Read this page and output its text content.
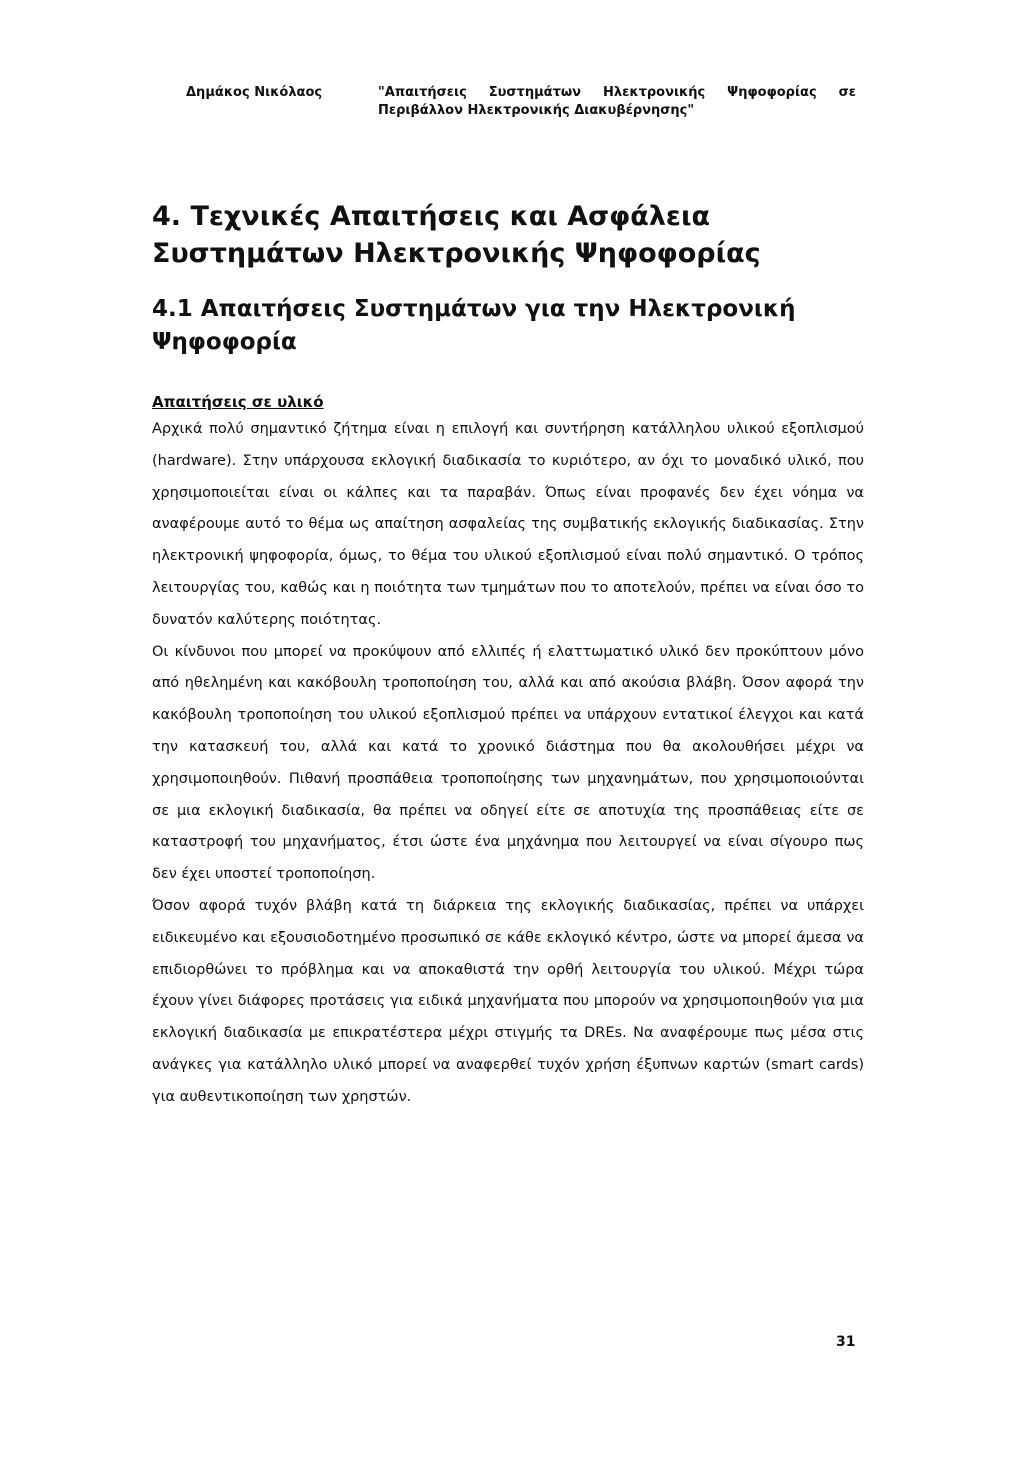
Δημάκος Νικόλαος	"Απαιτήσεις Συστημάτων Ηλεκτρονικής Ψηφοφορίας σε Περιβάλλον Ηλεκτρονικής Διακυβέρνησης"
4. Τεχνικές Απαιτήσεις και Ασφάλεια Συστημάτων Ηλεκτρονικής Ψηφοφορίας
4.1 Απαιτήσεις Συστημάτων για την Ηλεκτρονική Ψηφοφορία
Απαιτήσεις σε υλικό

Αρχικά πολύ σημαντικό ζήτημα είναι η επιλογή και συντήρηση κατάλληλου υλικού εξοπλισμού (hardware). Στην υπάρχουσα εκλογική διαδικασία το κυριότερο, αν όχι το μοναδικό υλικό, που χρησιμοποιείται είναι οι κάλπες και τα παραβάν. Όπως είναι προφανές δεν έχει νόημα να αναφέρουμε αυτό το θέμα ως απαίτηση ασφαλείας της συμβατικής εκλογικής διαδικασίας. Στην ηλεκτρονική ψηφοφορία, όμως, το θέμα του υλικού εξοπλισμού είναι πολύ σημαντικό. Ο τρόπος λειτουργίας του, καθώς και η ποιότητα των τμημάτων που το αποτελούν, πρέπει να είναι όσο το δυνατόν καλύτερης ποιότητας.

Οι κίνδυνοι που μπορεί να προκύψουν από ελλιπές ή ελαττωματικό υλικό δεν προκύπτουν μόνο από ηθελημένη και κακόβουλη τροποποίηση του, αλλά και από ακούσια βλάβη. Όσον αφορά την κακόβουλη τροποποίηση του υλικού εξοπλισμού πρέπει να υπάρχουν εντατικοί έλεγχοι και κατά την κατασκευή του, αλλά και κατά το χρονικό διάστημα που θα ακολουθήσει μέχρι να χρησιμοποιηθούν. Πιθανή προσπάθεια τροποποίησης των μηχανημάτων, που χρησιμοποιούνται σε μια εκλογική διαδικασία, θα πρέπει να οδηγεί είτε σε αποτυχία της προσπάθειας είτε σε καταστροφή του μηχανήματος, έτσι ώστε ένα μηχάνημα που λειτουργεί να είναι σίγουρο πως δεν έχει υποστεί τροποποίηση.

Όσον αφορά τυχόν βλάβη κατά τη διάρκεια της εκλογικής διαδικασίας, πρέπει να υπάρχει ειδικευμένο και εξουσιοδοτημένο προσωπικό σε κάθε εκλογικό κέντρο, ώστε να μπορεί άμεσα να επιδιορθώνει το πρόβλημα και να αποκαθιστά την ορθή λειτουργία του υλικού. Μέχρι τώρα έχουν γίνει διάφορες προτάσεις για ειδικά μηχανήματα που μπορούν να χρησιμοποιηθούν για μια εκλογική διαδικασία με επικρατέστερα μέχρι στιγμής τα DREs. Να αναφέρουμε πως μέσα στις ανάγκες για κατάλληλο υλικό μπορεί να αναφερθεί τυχόν χρήση έξυπνων καρτών (smart cards) για αυθεντικοποίηση των χρηστών.

31
